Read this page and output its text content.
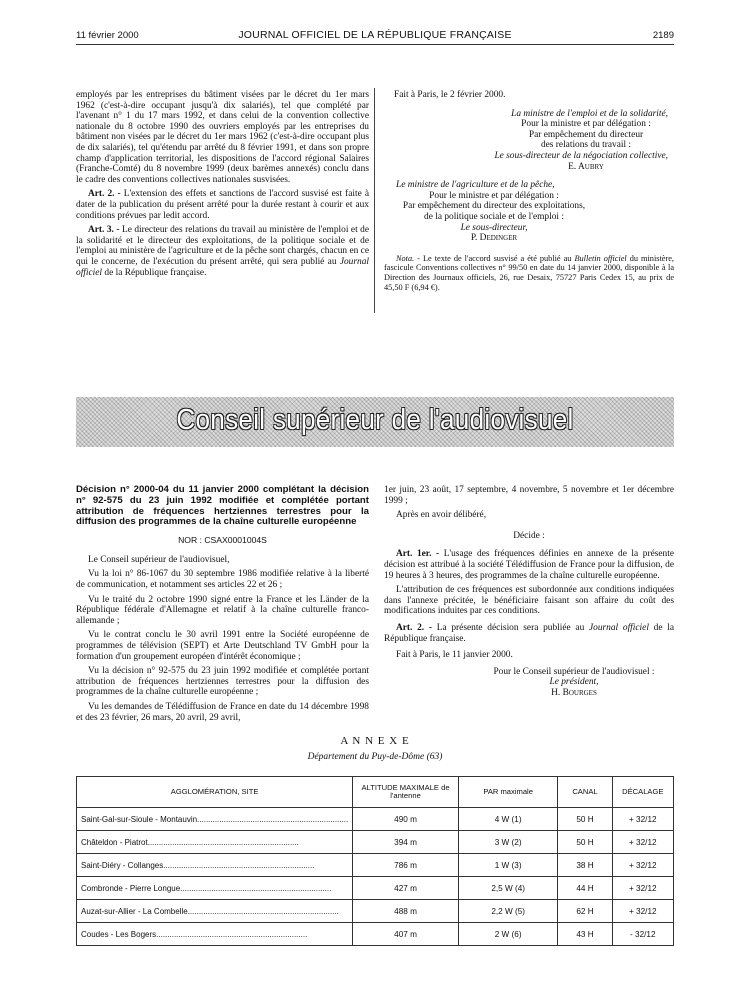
11 février 2000	JOURNAL OFFICIEL DE LA RÉPUBLIQUE FRANÇAISE	2189

employés par les entreprises du bâtiment visées par le décret du 1er mars 1962 (c'est-à-dire occupant jusqu'à dix salariés), tel que complété par l'avenant n° 1 du 17 mars 1992, et dans celui de la convention collective nationale du 8 octobre 1990 des ouvriers employés par les entreprises du bâtiment non visées par le décret du 1er mars 1962 (c'est-à-dire occupant plus de dix salariés), tel qu'étendu par arrêté du 8 février 1991, et dans son propre champ d'application territorial, les dispositions de l'accord régional Salaires (Franche-Comté) du 8 novembre 1999 (deux barèmes annexés) conclu dans le cadre des conventions collectives nationales susvisées.

Art. 2. - L'extension des effets et sanctions de l'accord susvisé est faite à dater de la publication du présent arrêté pour la durée restant à courir et aux conditions prévues par ledit accord.

Art. 3. - Le directeur des relations du travail au ministère de l'emploi et de la solidarité et le directeur des exploitations, de la politique sociale et de l'emploi au ministère de l'agriculture et de la pêche sont chargés, chacun en ce qui le concerne, de l'exécution du présent arrêté, qui sera publié au Journal officiel de la République française.

Fait à Paris, le 2 février 2000.

La ministre de l'emploi et de la solidarité,
Pour la ministre et par délégation :
Par empêchement du directeur
des relations du travail :
Le sous-directeur de la négociation collective,
E. Aubry
Le ministre de l'agriculture et de la pêche,
Pour le ministre et par délégation :
Par empêchement du directeur des exploitations,
de la politique sociale et de l'emploi :
Le sous-directeur,
P. Dedinger

Nota. - Le texte de l'accord susvisé a été publié au Bulletin officiel du ministère, fascicule Conventions collectives n° 99/50 en date du 14 janvier 2000, disponible à la Direction des Journaux officiels, 26, rue Desaix, 75727 Paris Cedex 15, au prix de 45,50 F (6,94 €).

Conseil supérieur de l'audiovisuel
Décision n° 2000-04 du 11 janvier 2000 complétant la décision n° 92-575 du 23 juin 1992 modifiée et complétée portant attribution de fréquences hertziennes terrestres pour la diffusion des programmes de la chaîne culturelle européenne
NOR : CSAX0001004S

Le Conseil supérieur de l'audiovisuel,

Vu la loi n° 86-1067 du 30 septembre 1986 modifiée relative à la liberté de communication, et notamment ses articles 22 et 26 ;

Vu le traité du 2 octobre 1990 signé entre la France et les Länder de la République fédérale d'Allemagne et relatif à la chaîne culturelle franco-allemande ;

Vu le contrat conclu le 30 avril 1991 entre la Société européenne de programmes de télévision (SEPT) et Arte Deutschland TV GmbH pour la formation d'un groupement européen d'intérêt économique ;

Vu la décision n° 92-575 du 23 juin 1992 modifiée et complétée portant attribution de fréquences hertziennes terrestres pour la diffusion des programmes de la chaîne culturelle européenne ;

Vu les demandes de Télédiffusion de France en date du 14 décembre 1998 et des 23 février, 26 mars, 20 avril, 29 avril,

1er juin, 23 août, 17 septembre, 4 novembre, 5 novembre et 1er décembre 1999 ;

Après en avoir délibéré,

Décide :

Art. 1er. - L'usage des fréquences définies en annexe de la présente décision est attribué à la société Télédiffusion de France pour la diffusion, de 19 heures à 3 heures, des programmes de la chaîne culturelle européenne.

L'attribution de ces fréquences est subordonnée aux conditions indiquées dans l'annexe précitée, le bénéficiaire faisant son affaire du coût des modifications induites par ces conditions.

Art. 2. - La présente décision sera publiée au Journal officiel de la République française.

Fait à Paris, le 11 janvier 2000.

Pour le Conseil supérieur de l'audiovisuel :
Le président,
H. Bourges
A N N E X E
Département du Puy-de-Dôme (63)
AGGLOMÉRATION, SITE	ALTITUDE MAXIMALE de l'antenne	PAR maximale	CANAL	DÉCALAGE
Saint-Gal-sur-Sioule - Montauvin....................................................................	490 m	4 W (1)	50 H	+ 32/12
Châteldon - Piatrot....................................................................	394 m	3 W (2)	50 H	+ 32/12
Saint-Diéry - Collanges....................................................................	786 m	1 W (3)	38 H	+ 32/12
Combronde - Pierre Longue....................................................................	427 m	2,5 W (4)	44 H	+ 32/12
Auzat-sur-Allier - La Combelle....................................................................	488 m	2,2 W (5)	62 H	+ 32/12
Coudes - Les Bogers....................................................................	407 m	2 W (6)	43 H	- 32/12
